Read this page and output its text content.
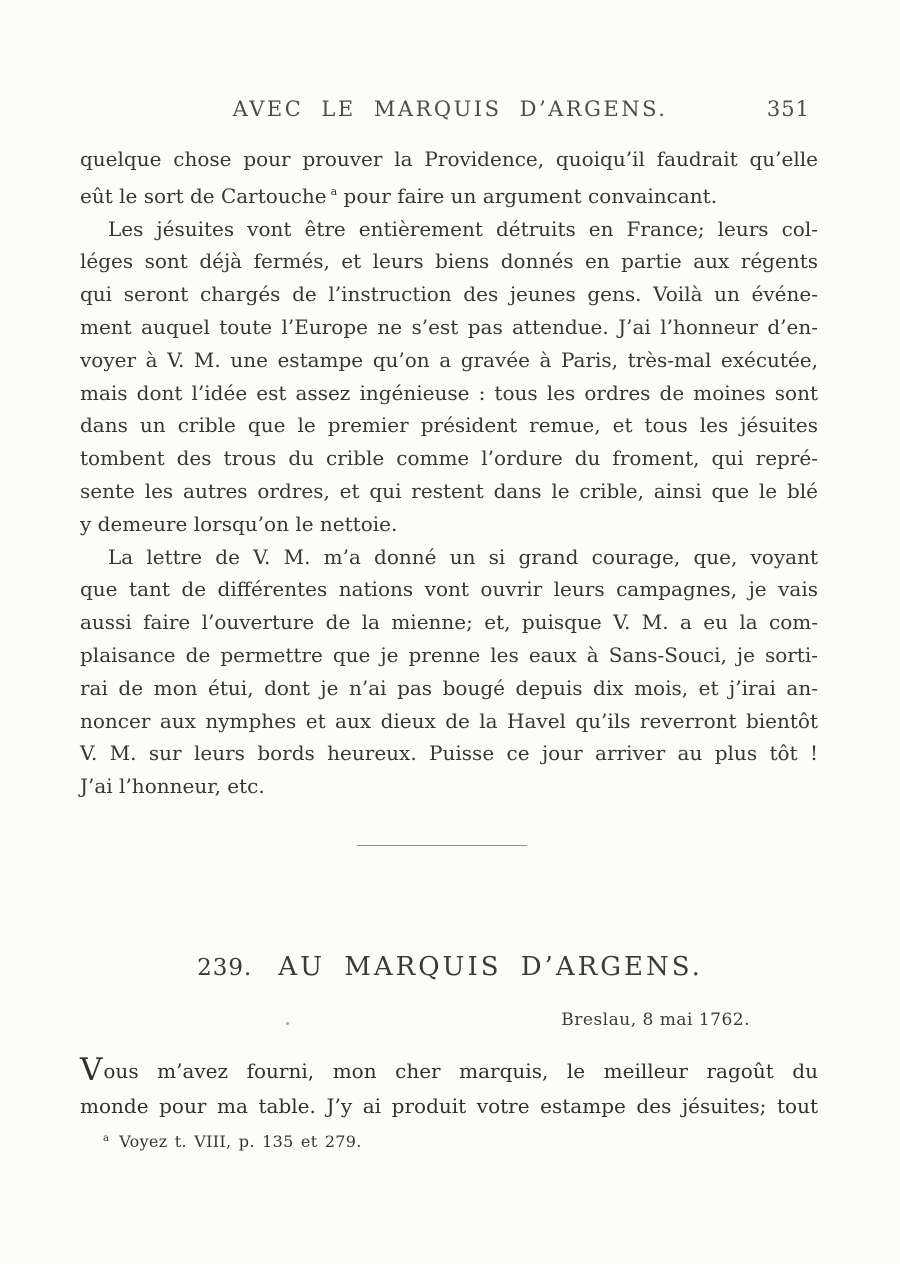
AVEC LE MARQUIS D’ARGENS.	351
quelque chose pour prouver la Providence, quoiqu’il faudrait qu’elle
eût le sort de Cartouche $^a$ pour faire un argument convaincant.
Les jésuites vont être entièrement détruits en France; leurs col-
léges sont déjà fermés, et leurs biens donnés en partie aux régents
qui seront chargés de l’instruction des jeunes gens. Voilà un événe-
ment auquel toute l’Europe ne s’est pas attendue. J’ai l’honneur d’en-
voyer à V. M. une estampe qu’on a gravée à Paris, très-mal exécutée,
mais dont l’idée est assez ingénieuse : tous les ordres de moines sont
dans un crible que le premier président remue, et tous les jésuites
tombent des trous du crible comme l’ordure du froment, qui repré-
sente les autres ordres, et qui restent dans le crible, ainsi que le blé
y demeure lorsqu’on le nettoie.
La lettre de V. M. m’a donné un si grand courage, que, voyant
que tant de différentes nations vont ouvrir leurs campagnes, je vais
aussi faire l’ouverture de la mienne; et, puisque V. M. a eu la com-
plaisance de permettre que je prenne les eaux à Sans-Souci, je sorti-
rai de mon étui, dont je n’ai pas bougé depuis dix mois, et j’irai an-
noncer aux nymphes et aux dieux de la Havel qu’ils reverront bientôt
V. M. sur leurs bords heureux. Puisse ce jour arriver au plus tôt !
J’ai l’honneur, etc.
239. AU MARQUIS D’ARGENS.
Breslau, 8 mai 1762.
Vous m’avez fourni, mon cher marquis, le meilleur ragoût du
monde pour ma table. J’y ai produit votre estampe des jésuites; tout
$^a$ Voyez t. VIII, p. 135 et 279.
